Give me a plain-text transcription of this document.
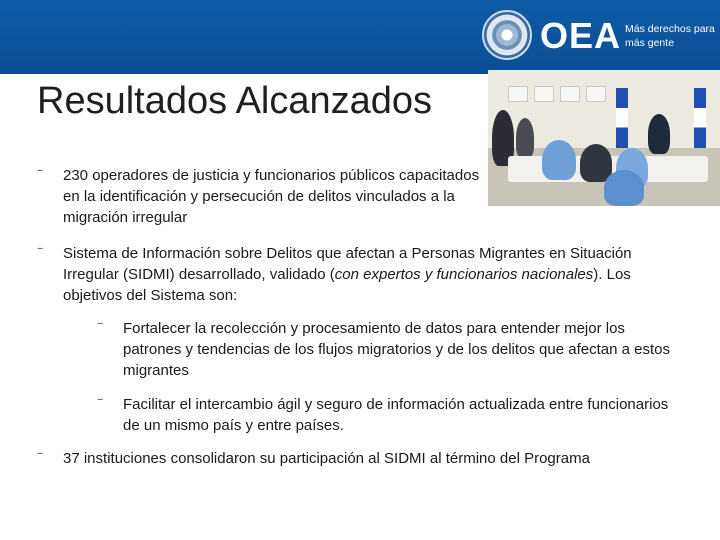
OEA Más derechos para más gente
Resultados Alcanzados
‾ 230 operadores de justicia y funcionarios públicos capacitados en la identificación y persecución de delitos vinculados a la migración irregular
‾ Sistema de Información sobre Delitos que afectan a Personas Migrantes en Situación Irregular (SIDMI) desarrollado, validado (con expertos y funcionarios nacionales). Los objetivos del Sistema son:
‾ Fortalecer la recolección y procesamiento de datos para entender mejor los patrones y tendencias de los flujos migratorios y de los delitos que afectan a estos migrantes
‾ Facilitar el intercambio ágil y seguro de información actualizada entre funcionarios de un mismo país y entre países.
‾ 37 instituciones consolidaron su participación al SIDMI al término del Programa
